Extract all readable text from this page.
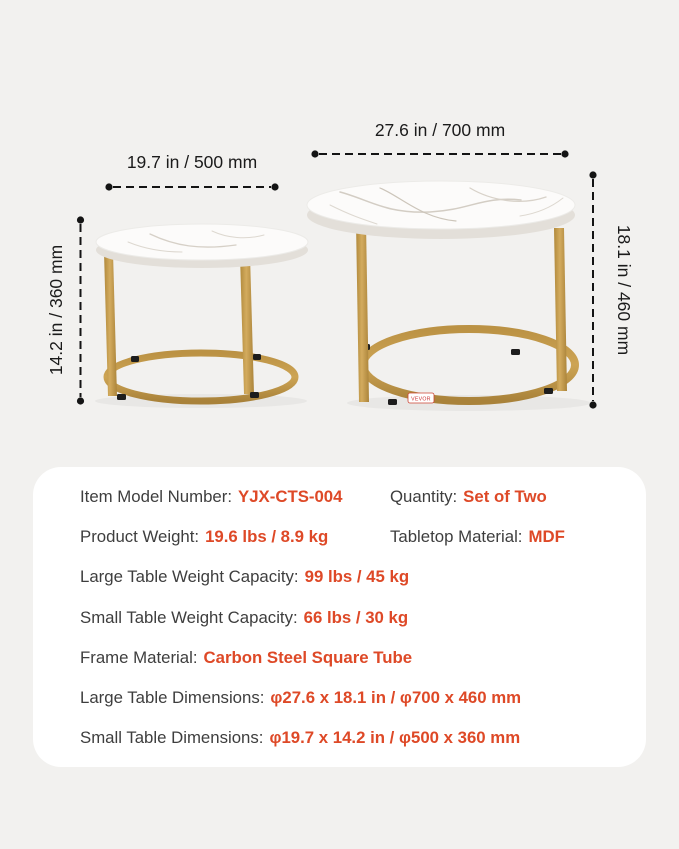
VEVOR
19.7 in / 500 mm
27.6 in / 700 mm
14.2 in / 360 mm	18.1 in / 460 mm
Item Model Number: YJX-CTS-004	Quantity: Set of Two
Product Weight: 19.6 lbs / 8.9 kg	Tabletop Material: MDF
Large Table Weight Capacity: 99 lbs / 45 kg
Small Table Weight Capacity: 66 lbs / 30 kg
Frame Material: Carbon Steel Square Tube
Large Table Dimensions: φ27.6 x 18.1 in / φ700 x 460 mm
Small Table Dimensions: φ19.7 x 14.2 in / φ500 x 360 mm
